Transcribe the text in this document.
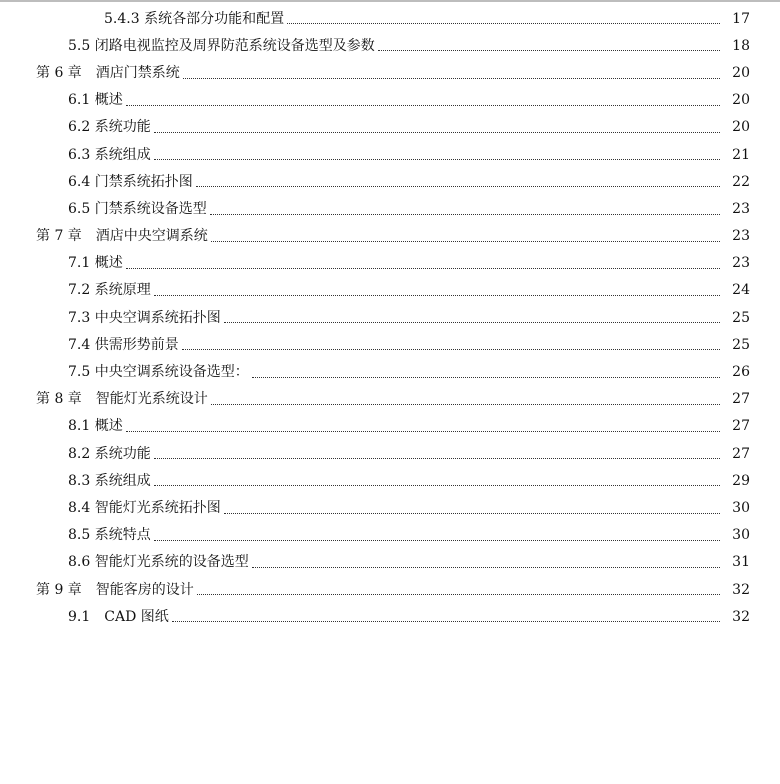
5.4.3 系统各部分功能和配置	17
5.5 闭路电视监控及周界防范系统设备选型及参数	18
第 6 章　酒店门禁系统	20
6.1 概述	20
6.2 系统功能	20
6.3 系统组成	21
6.4 门禁系统拓扑图	22
6.5 门禁系统设备选型	23
第 7 章　酒店中央空调系统	23
7.1 概述	23
7.2 系统原理	24
7.3 中央空调系统拓扑图	25
7.4 供需形势前景	25
7.5 中央空调系统设备选型：	26
第 8 章　智能灯光系统设计	27
8.1 概述	27
8.2 系统功能	27
8.3 系统组成	29
8.4 智能灯光系统拓扑图	30
8.5 系统特点	30
8.6 智能灯光系统的设备选型	31
第 9 章　智能客房的设计	32
9.1　CAD 图纸	32
